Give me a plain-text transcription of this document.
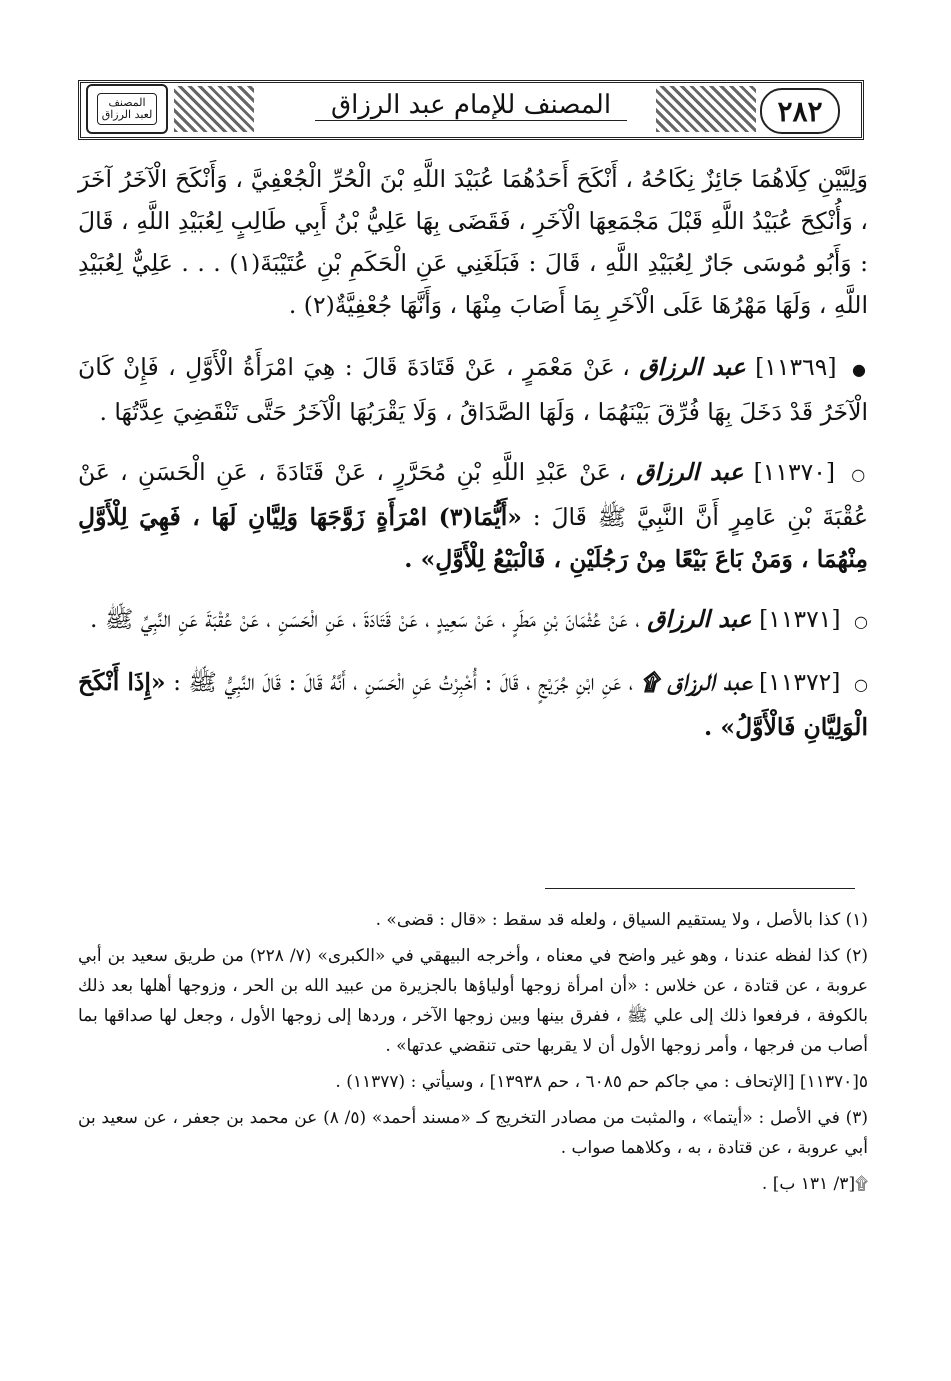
المصنف
لعبد الرزاق	المصنف للإمام عبد الرزاق	٢٨٢

وَلِيَّيْنِ كِلَاهُمَا جَائِزٌ نِكَاحُهُ ، أَنْكَحَ أَحَدُهُمَا عُبَيْدَ اللَّهِ بْنَ الْحُرِّ الْجُعْفِيَّ ، وَأَنْكَحَ الْآخَرُ آخَرَ ، وَأُنْكِحَ عُبَيْدُ اللَّهِ قَبْلَ مَجْمَعِهَا الْآخَرِ ، فَقَضَى بِهَا عَلِيُّ بْنُ أَبِي طَالِبٍ لِعُبَيْدِ اللَّهِ ، قَالَ : وَأَبُو مُوسَى جَارٌ لِعُبَيْدِ اللَّهِ ، قَالَ : فَبَلَغَنِي عَنِ الْحَكَمِ بْنِ عُتَيْبَةَ(١) . . . عَلِيٌّ لِعُبَيْدِ اللَّهِ ، وَلَهَا مَهْرُهَا عَلَى الْآخَرِ بِمَا أَصَابَ مِنْهَا ، وَأَنَّهَا جُعْفِيَّةٌ(٢) .

● [١١٣٦٩] عبد الرزاق ، عَنْ مَعْمَرٍ ، عَنْ قَتَادَةَ قَالَ : هِيَ امْرَأَةُ الْأَوَّلِ ، فَإِنْ كَانَ الْآخَرُ قَدْ دَخَلَ بِهَا فُرِّقَ بَيْنَهُمَا ، وَلَهَا الصَّدَاقُ ، وَلَا يَقْرَبُهَا الْآخَرُ حَتَّى تَنْقَضِيَ عِدَّتُهَا .

○ [١١٣٧٠] عبد الرزاق ، عَنْ عَبْدِ اللَّهِ بْنِ مُحَرَّرٍ ، عَنْ قَتَادَةَ ، عَنِ الْحَسَنِ ، عَنْ عُقْبَةَ بْنِ عَامِرٍ أَنَّ النَّبِيَّ ﷺ قَالَ : «أَيُّمَا(٣) امْرَأَةٍ زَوَّجَهَا وَلِيَّانِ لَهَا ، فَهِيَ لِلْأَوَّلِ مِنْهُمَا ، وَمَنْ بَاعَ بَيْعًا مِنْ رَجُلَيْنِ ، فَالْبَيْعُ لِلْأَوَّلِ» .

○ [١١٣٧١] عبد الرزاق ، عَنْ عُثْمَانَ بْنِ مَطَرٍ ، عَنْ سَعِيدٍ ، عَنْ قَتَادَةَ ، عَنِ الْحَسَنِ ، عَنْ عُقْبَةَ عَنِ النَّبِيِّ ﷺ .

○ [١١٣٧٢] عبد الرزاق ۩ ، عَنِ ابْنِ جُرَيْجٍ ، قَالَ : أُخْبِرْتُ عَنِ الْحَسَنِ ، أَنَّهُ قَالَ : قَالَ النَّبِيُّ ﷺ : «إِذَا أَنْكَحَ الْوَلِيَّانِ فَالْأَوَّلُ» .

(١) كذا بالأصل ، ولا يستقيم السياق ، ولعله قد سقط : «قال : قضى» .

(٢) كذا لفظه عندنا ، وهو غير واضح في معناه ، وأخرجه البيهقي في «الكبرى» (٧/ ٢٢٨) من طريق سعيد بن أبي عروبة ، عن قتادة ، عن خلاس : «أن امرأة زوجها أولياؤها بالجزيرة من عبيد الله بن الحر ، وزوجها أهلها بعد ذلك بالكوفة ، فرفعوا ذلك إلى علي ﷺ ، ففرق بينها وبين زوجها الآخر ، وردها إلى زوجها الأول ، وجعل لها صداقها بما أصاب من فرجها ، وأمر زوجها الأول أن لا يقربها حتى تنقضي عدتها» .

٥[١١٣٧٠] [الإتحاف : مي جاكم حم ٦٠٨٥ ، حم ١٣٩٣٨] ، وسيأتي : (١١٣٧٧) .

(٣) في الأصل : «أيتما» ، والمثبت من مصادر التخريج كـ «مسند أحمد» (٥/ ٨) عن محمد بن جعفر ، عن سعيد بن أبي عروبة ، عن قتادة ، به ، وكلاهما صواب .

۩[٣/ ١٣١ ب] .
